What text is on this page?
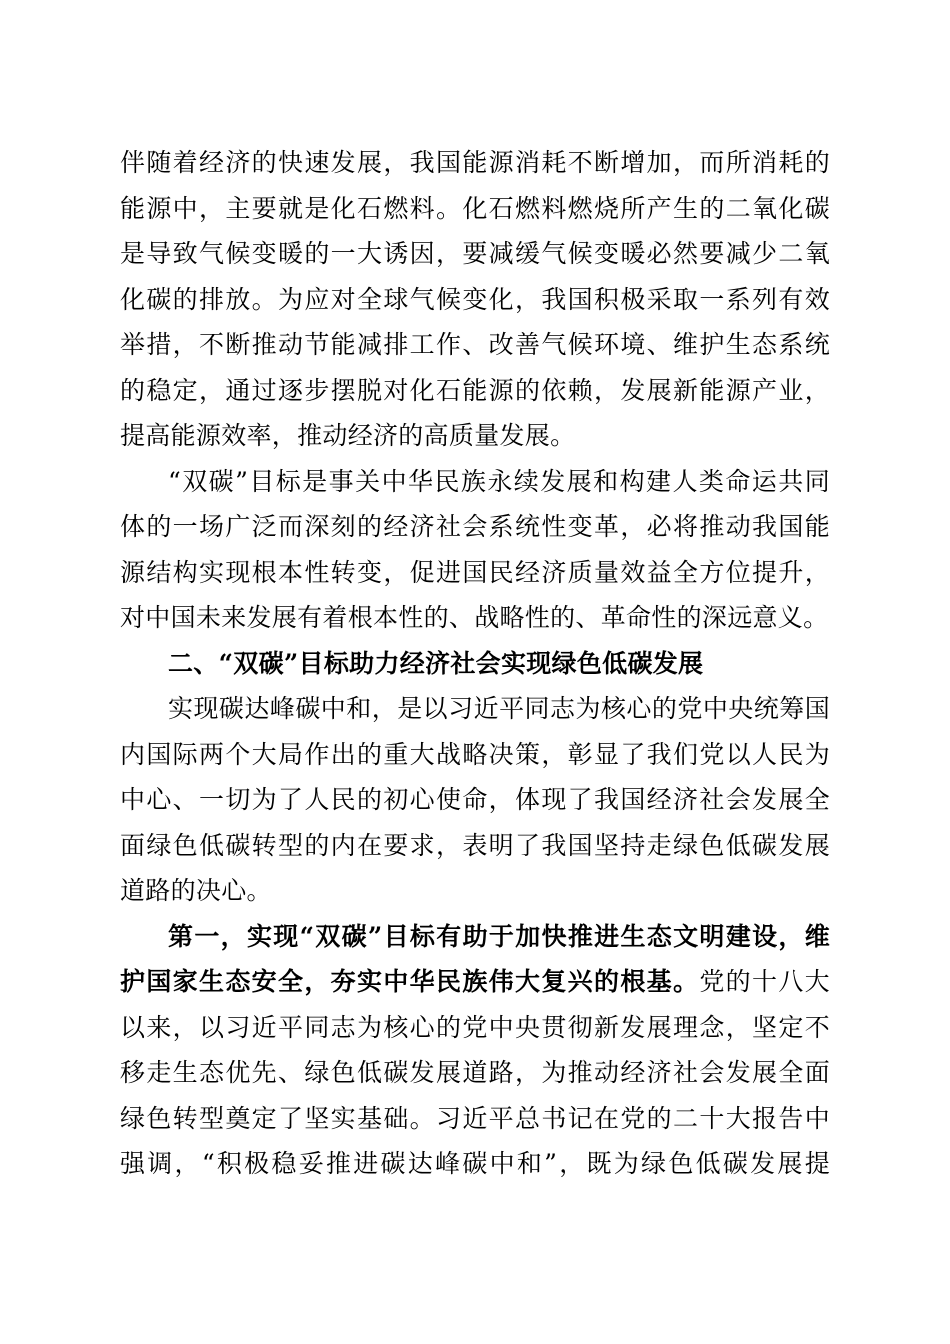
伴随着经济的快速发展，我国能源消耗不断增加，而所消耗的
能源中，主要就是化石燃料。化石燃料燃烧所产生的二氧化碳
是导致气候变暖的一大诱因，要减缓气候变暖必然要减少二氧
化碳的排放。为应对全球气候变化，我国积极采取一系列有效
举措，不断推动节能减排工作、改善气候环境、维护生态系统
的稳定，通过逐步摆脱对化石能源的依赖，发展新能源产业，
提高能源效率，推动经济的高质量发展。
“双碳”目标是事关中华民族永续发展和构建人类命运共同
体的一场广泛而深刻的经济社会系统性变革，必将推动我国能
源结构实现根本性转变，促进国民经济质量效益全方位提升，
对中国未来发展有着根本性的、战略性的、革命性的深远意义。
二、“双碳”目标助力经济社会实现绿色低碳发展
实现碳达峰碳中和，是以习近平同志为核心的党中央统筹国
内国际两个大局作出的重大战略决策，彰显了我们党以人民为
中心、一切为了人民的初心使命，体现了我国经济社会发展全
面绿色低碳转型的内在要求，表明了我国坚持走绿色低碳发展
道路的决心。
第一，实现“双碳”目标有助于加快推进生态文明建设，维
护国家生态安全，夯实中华民族伟大复兴的根基。党的十八大
以来，以习近平同志为核心的党中央贯彻新发展理念，坚定不
移走生态优先、绿色低碳发展道路，为推动经济社会发展全面
绿色转型奠定了坚实基础。习近平总书记在党的二十大报告中
强调，“积极稳妥推进碳达峰碳中和”，既为绿色低碳发展提
